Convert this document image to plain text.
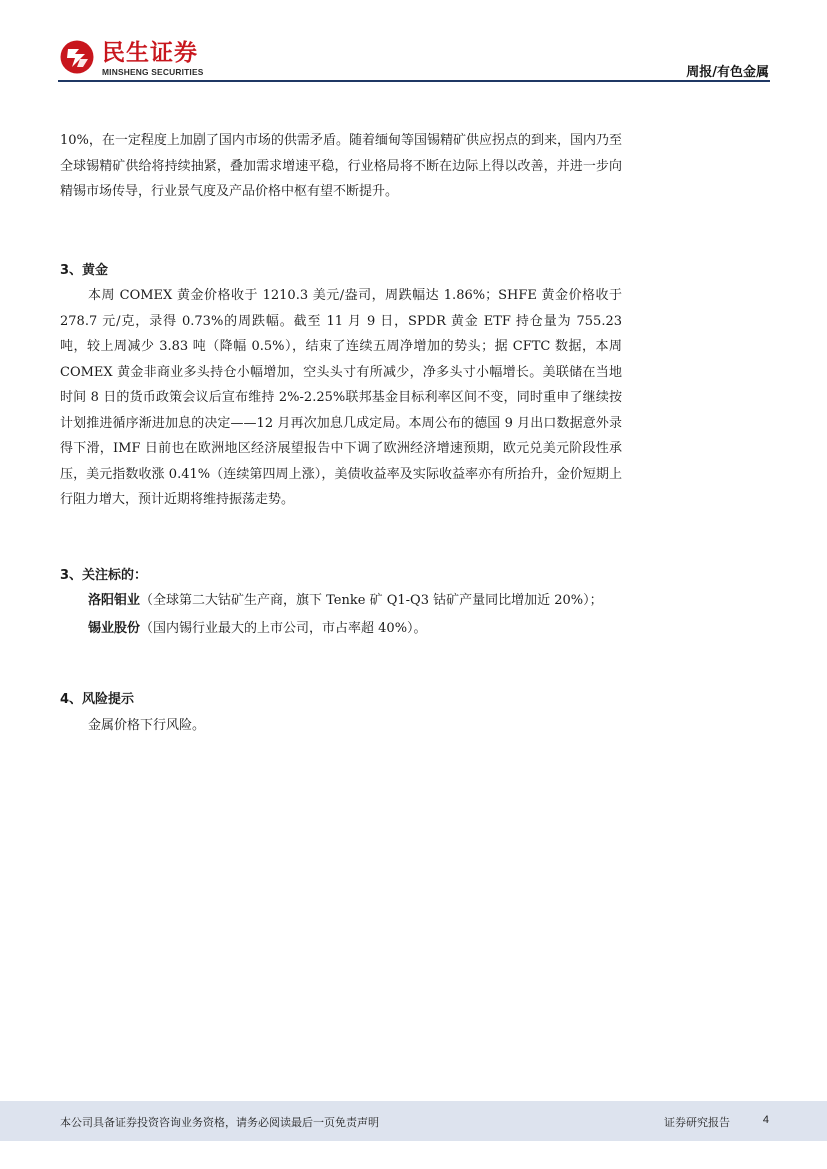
民生证券
MINSHENG SECURITIES	周报/有色金属

10%，在一定程度上加剧了国内市场的供需矛盾。随着缅甸等国锡精矿供应拐点的到来，国内乃至全球锡精矿供给将持续抽紧，叠加需求增速平稳，行业格局将不断在边际上得以改善，并进一步向精锡市场传导，行业景气度及产品价格中枢有望不断提升。

3、黄金

本周 COMEX 黄金价格收于 1210.3 美元/盎司，周跌幅达 1.86%；SHFE 黄金价格收于 278.7 元/克，录得 0.73%的周跌幅。截至 11 月 9 日，SPDR 黄金 ETF 持仓量为 755.23 吨，较上周减少 3.83 吨（降幅 0.5%），结束了连续五周净增加的势头；据 CFTC 数据，本周 COMEX 黄金非商业多头持仓小幅增加，空头头寸有所减少，净多头寸小幅增长。美联储在当地时间 8 日的货币政策会议后宣布维持 2%-2.25%联邦基金目标利率区间不变，同时重申了继续按计划推进循序渐进加息的决定——12 月再次加息几成定局。本周公布的德国 9 月出口数据意外录得下滑，IMF 日前也在欧洲地区经济展望报告中下调了欧洲经济增速预期，欧元兑美元阶段性承压，美元指数收涨 0.41%（连续第四周上涨），美债收益率及实际收益率亦有所抬升，金价短期上行阻力增大，预计近期将维持振荡走势。

3、关注标的：

洛阳钼业（全球第二大钴矿生产商，旗下 Tenke 矿 Q1-Q3 钴矿产量同比增加近 20%）；

锡业股份（国内锡行业最大的上市公司，市占率超 40%）。

4、风险提示

金属价格下行风险。

本公司具备证券投资咨询业务资格，请务必阅读最后一页免责声明	证券研究报告	4
